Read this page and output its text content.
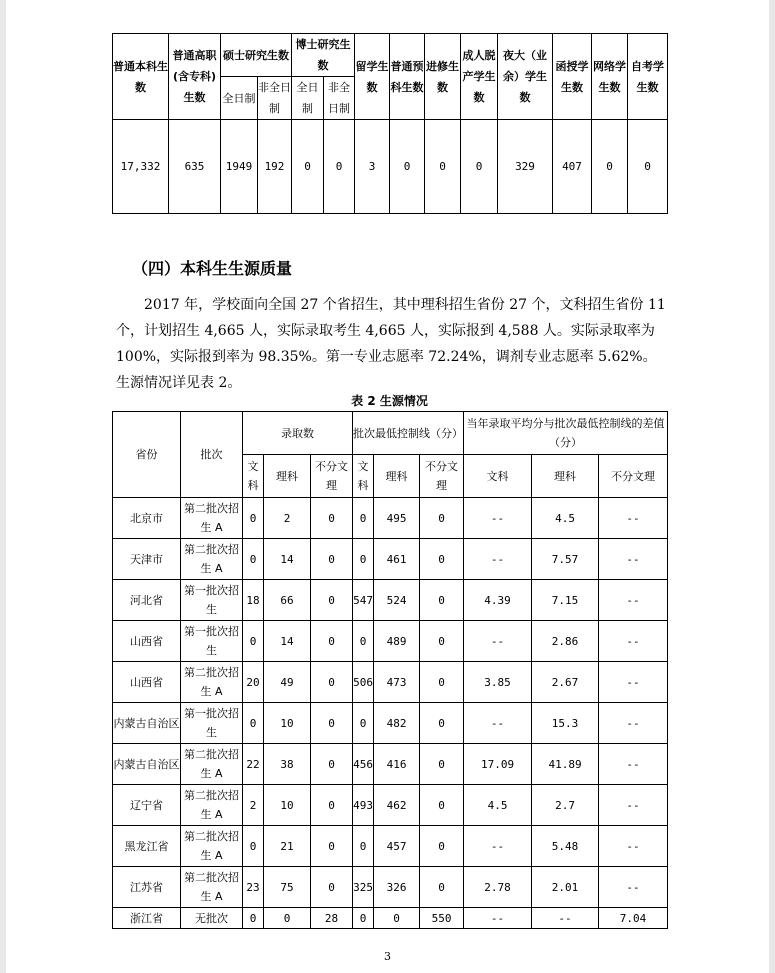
普通本科生数	普通高职(含专科)生数	硕士研究生数		博士研究生数		留学生数	普通预科生数	进修生数	成人脱产学生数	夜大（业余）学生数	函授学生数	网络学生数	自考学生数
		全日制	非全日制	全日制	非全日制								
17,332	635	1949	192	0	0	3	0	0	0	329	407	0	0
（四）本科生生源质量

2017 年，学校面向全国 27 个省招生，其中理科招生省份 27 个，文科招生省份 11 个，计划招生 4,665 人，实际录取考生 4,665 人，实际报到 4,588 人。实际录取率为 100%，实际报到率为 98.35%。第一专业志愿率 72.24%，调剂专业志愿率 5.62%。 生源情况详见表 2。

表 2 生源情况

省份	批次	录取数			批次最低控制线（分）			当年录取平均分与批次最低控制线的差值（分）		
		文科	理科	不分文理	文科	理科	不分文理	文科	理科	不分文理
北京市	第二批次招生 A	0	2	0	0	495	0	--	4.5	--
天津市	第二批次招生 A	0	14	0	0	461	0	--	7.57	--
河北省	第一批次招生	18	66	0	547	524	0	4.39	7.15	--
山西省	第一批次招生	0	14	0	0	489	0	--	2.86	--
山西省	第二批次招生 A	20	49	0	506	473	0	3.85	2.67	--
内蒙古自治区	第一批次招生	0	10	0	0	482	0	--	15.3	--
内蒙古自治区	第二批次招生 A	22	38	0	456	416	0	17.09	41.89	--
辽宁省	第二批次招生 A	2	10	0	493	462	0	4.5	2.7	--
黑龙江省	第二批次招生 A	0	21	0	0	457	0	--	5.48	--
江苏省	第二批次招生 A	23	75	0	325	326	0	2.78	2.01	--
浙江省	无批次	0	0	28	0	0	550	--	--	7.04

3
